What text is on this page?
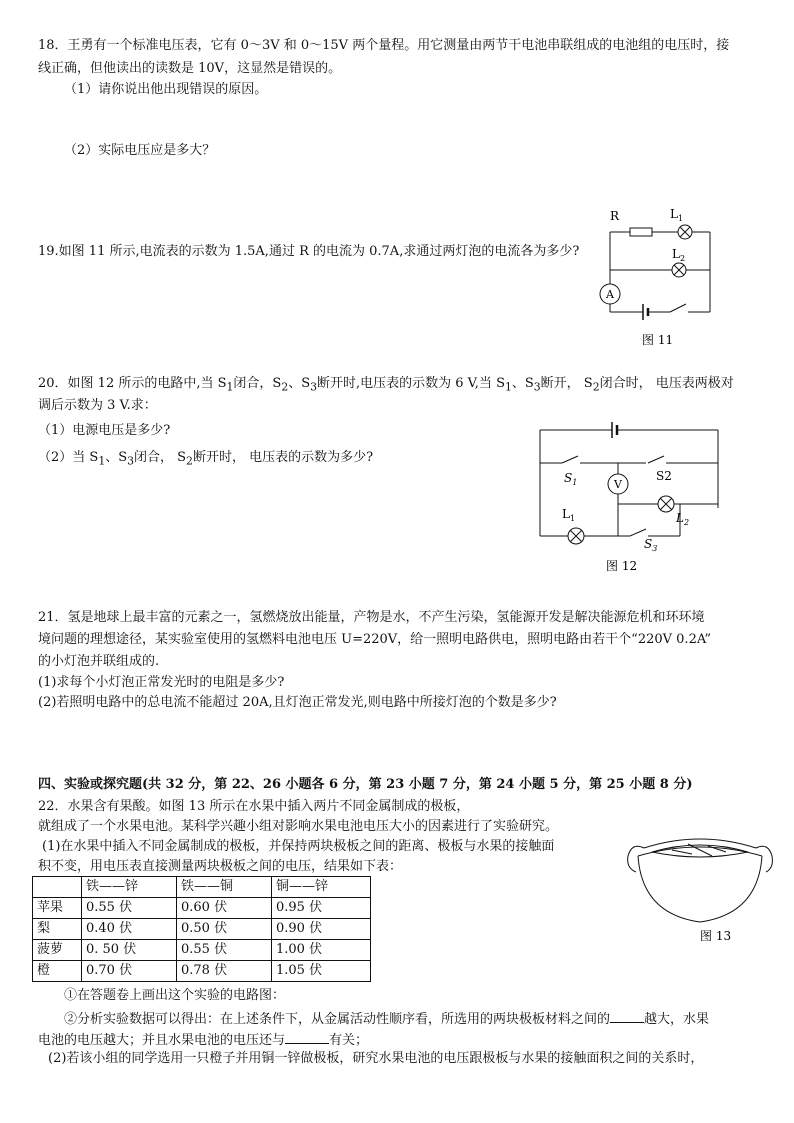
18．王勇有一个标准电压表，它有 0～3V 和 0～15V 两个量程。用它测量由两节干电池串联组成的电池组的电压时，接
线正确，但他读出的读数是 10V，这显然是错误的。
（1）请你说出他出现错误的原因。
（2）实际电压应是多大？
19.如图 11 所示,电流表的示数为 1.5A,通过 R 的电流为 0.7A,求通过两灯泡的电流各为多少?
R	$L_1$
$L_2$
A
图 11
20．如图 12 所示的电路中,当 $S_1$闭合，$S_2$、$S_3$断开时,电压表的示数为 6 V,当 $S_1$、$S_3$断开， $S_2$闭合时， 电压表两极对
调后示数为 3 V.求：
（1）电源电压是多少?
（2）当 $S_1$、$S_3$闭合， $S_2$断开时， 电压表的示数为多少?
$S_1$	V
S2
$L_1$	$L_2$
$S_3$
图 12
21．氢是地球上最丰富的元素之一，氢燃烧放出能量，产物是水，不产生污染，氢能源开发是解决能源危机和环环境
境问题的理想途径，某实验室使用的氢燃料电池电压 U=220V，给一照明电路供电，照明电路由若干个“220V 0.2A”
的小灯泡并联组成的.
(1)求每个小灯泡正常发光时的电阻是多少?
(2)若照明电路中的总电流不能超过 20A,且灯泡正常发光,则电路中所接灯泡的个数是多少?
四、实验或探究题(共 32 分，第 22、26 小题各 6 分，第 23 小题 7 分，第 24 小题 5 分，第 25 小题 8 分)
22．水果含有果酸。如图 13 所示在水果中插入两片不同金属制成的极板，
就组成了一个水果电池。某科学兴趣小组对影响水果电池电压大小的因素进行了实验研究。
(1)在水果中插入不同金属制成的极板，并保持两块极板之间的距离、极板与水果的接触面
积不变，用电压表直接测量两块极板之间的电压，结果如下表：
	铁——锌	铁——铜	铜——锌
苹果	0.55 伏	0.60 伏	0.95 伏
梨	0.40 伏	0.50 伏	0.90 伏
菠萝	0. 50 伏	0.55 伏	1.00 伏
橙	0.70 伏	0.78 伏	1.05 伏
图 13
①在答题卷上画出这个实验的电路图：
②分析实验数据可以得出：在上述条件下，从金属活动性顺序看，所选用的两块极板材料之间的	越大，水果
电池的电压越大；并且水果电池的电压还与	有关；
(2)若该小组的同学选用一只橙子并用铜一锌做极板，研究水果电池的电压跟极板与水果的接触面积之间的关系时，
